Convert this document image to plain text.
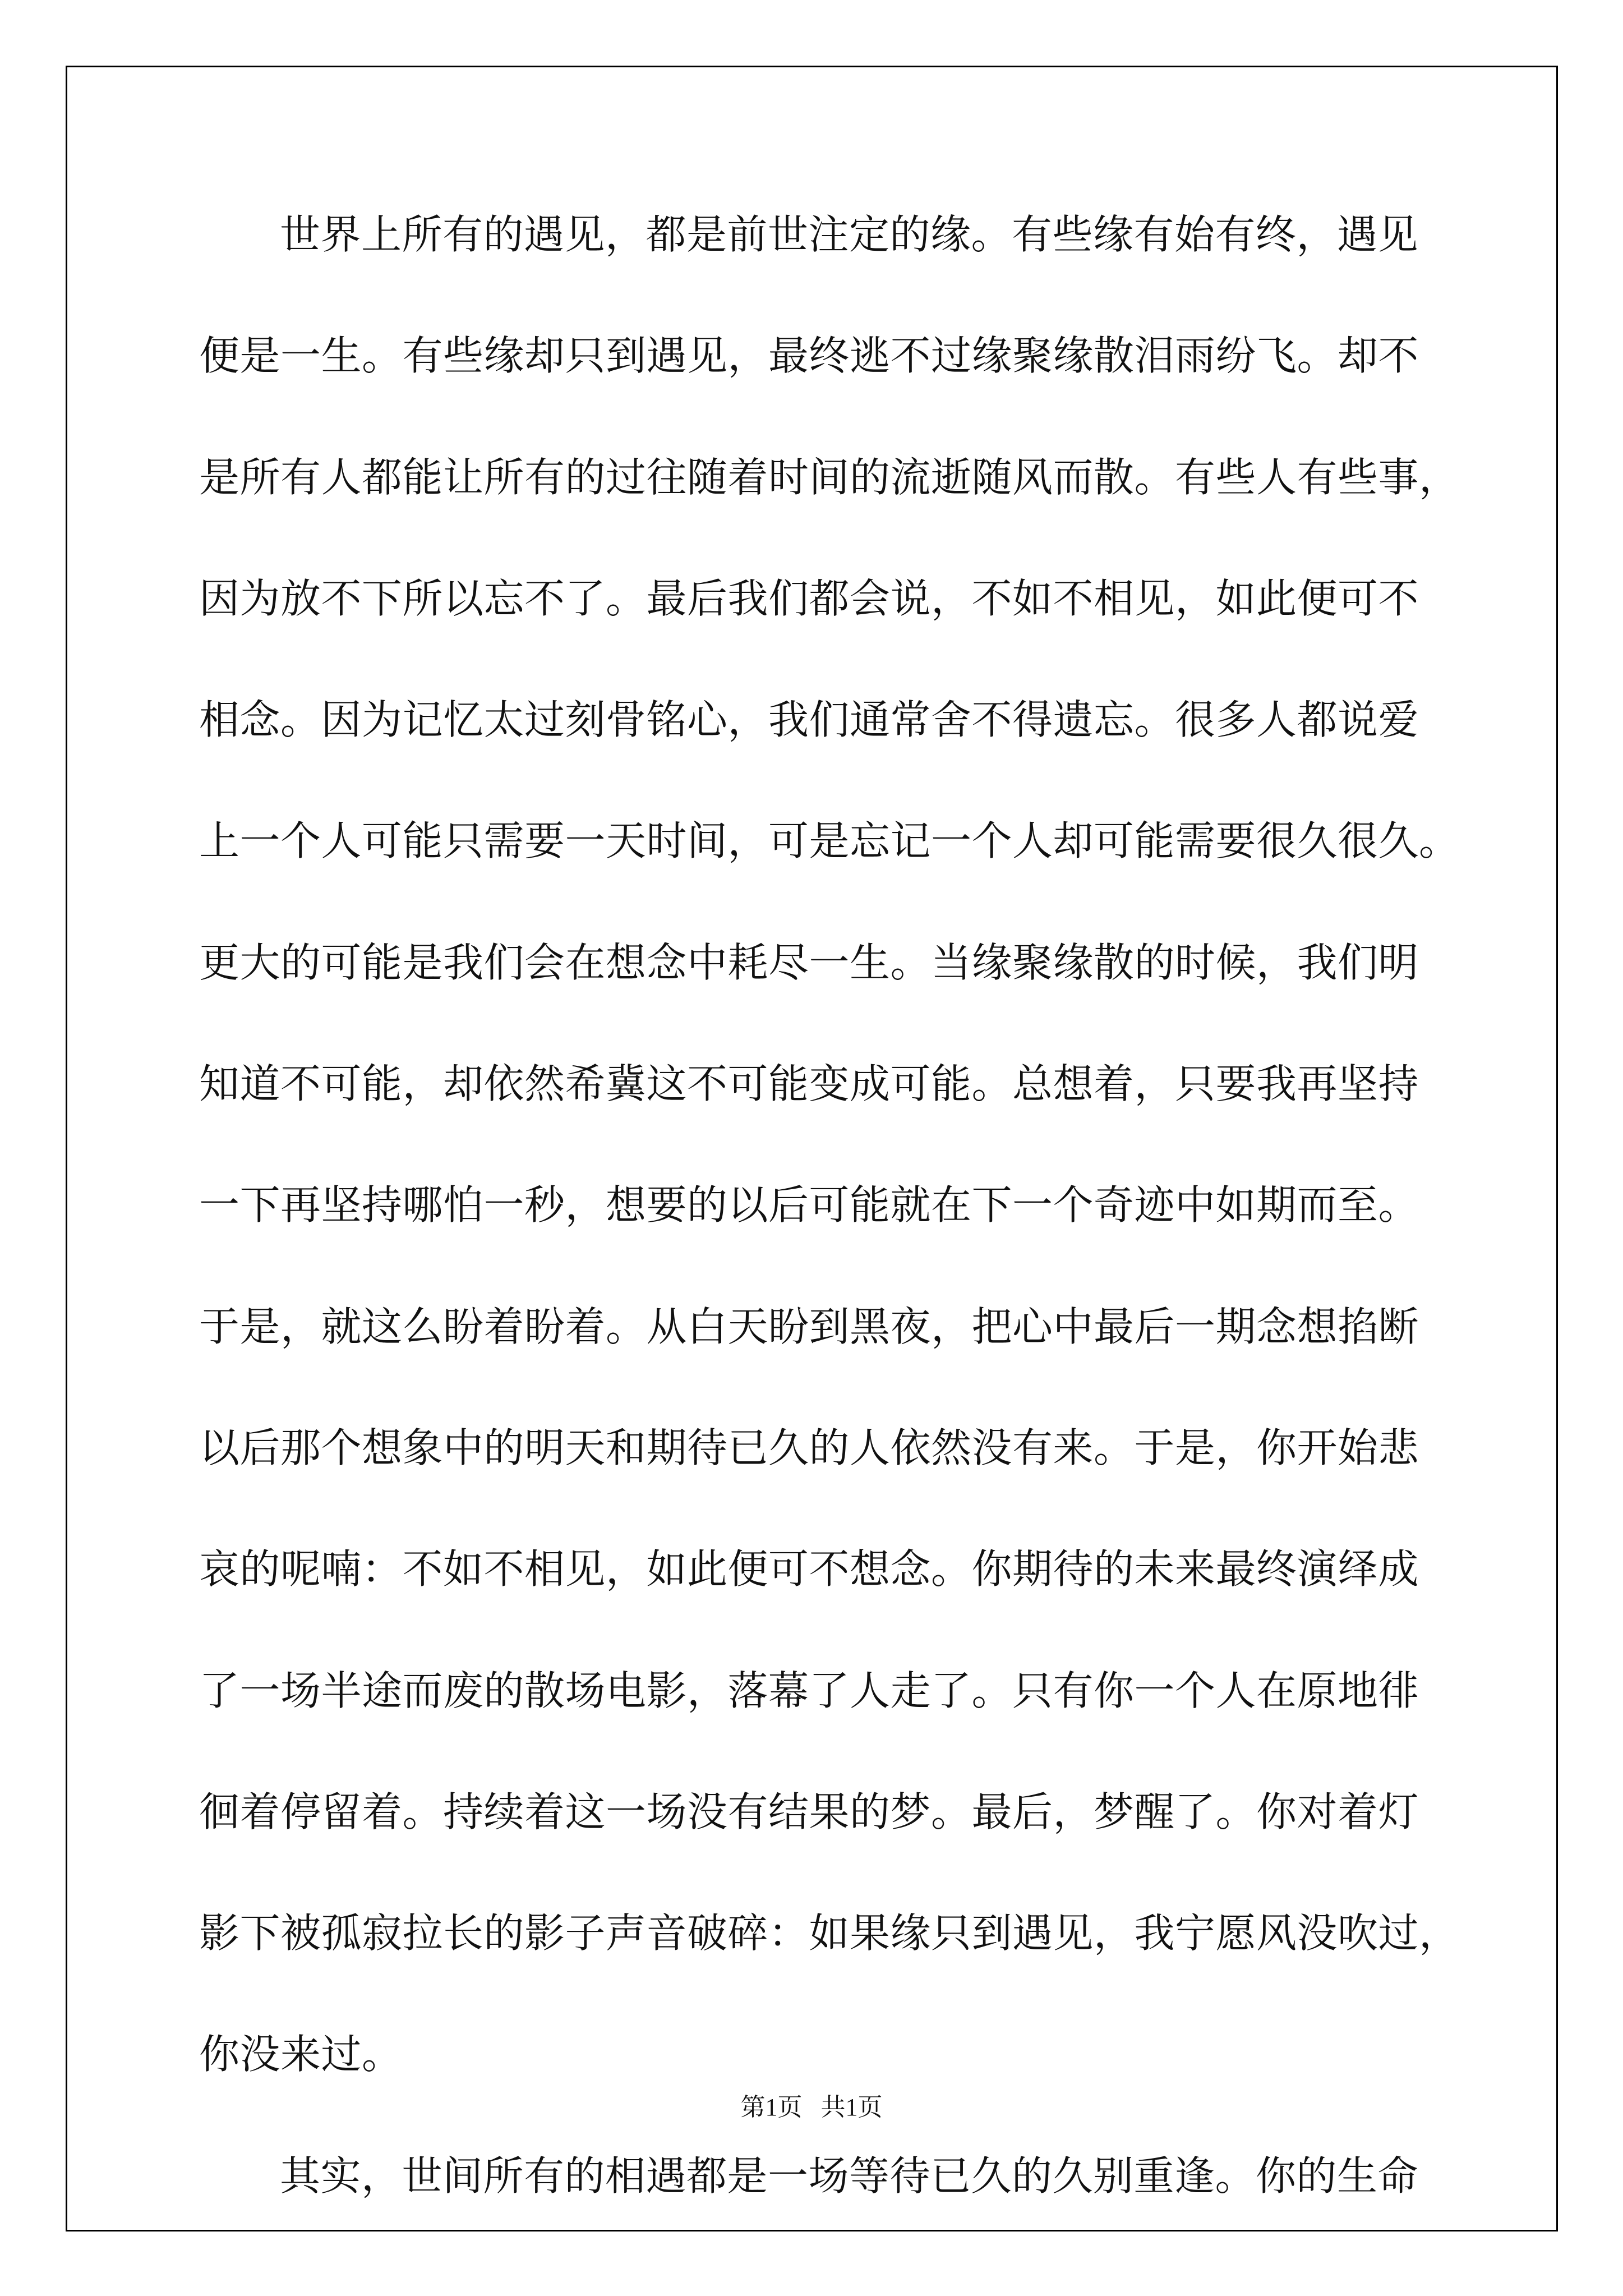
世界上所有的遇见，都是前世注定的缘。有些缘有始有终，遇见
便是一生。有些缘却只到遇见，最终逃不过缘聚缘散泪雨纷飞。却不
是所有人都能让所有的过往随着时间的流逝随风而散。有些人有些事，
因为放不下所以忘不了。最后我们都会说，不如不相见，如此便可不
相念。因为记忆太过刻骨铭心，我们通常舍不得遗忘。很多人都说爱
上一个人可能只需要一天时间，可是忘记一个人却可能需要很久很久。
更大的可能是我们会在想念中耗尽一生。当缘聚缘散的时候，我们明
知道不可能，却依然希冀这不可能变成可能。总想着，只要我再坚持
一下再坚持哪怕一秒，想要的以后可能就在下一个奇迹中如期而至。
于是，就这么盼着盼着。从白天盼到黑夜，把心中最后一期念想掐断
以后那个想象中的明天和期待已久的人依然没有来。于是，你开始悲
哀的呢喃：不如不相见，如此便可不想念。你期待的未来最终演绎成
了一场半途而废的散场电影，落幕了人走了。只有你一个人在原地徘
徊着停留着。持续着这一场没有结果的梦。最后，梦醒了。你对着灯
影下被孤寂拉长的影子声音破碎：如果缘只到遇见，我宁愿风没吹过，
你没来过。
其实，世间所有的相遇都是一场等待已久的久别重逢。你的生命
第1页   共1页
